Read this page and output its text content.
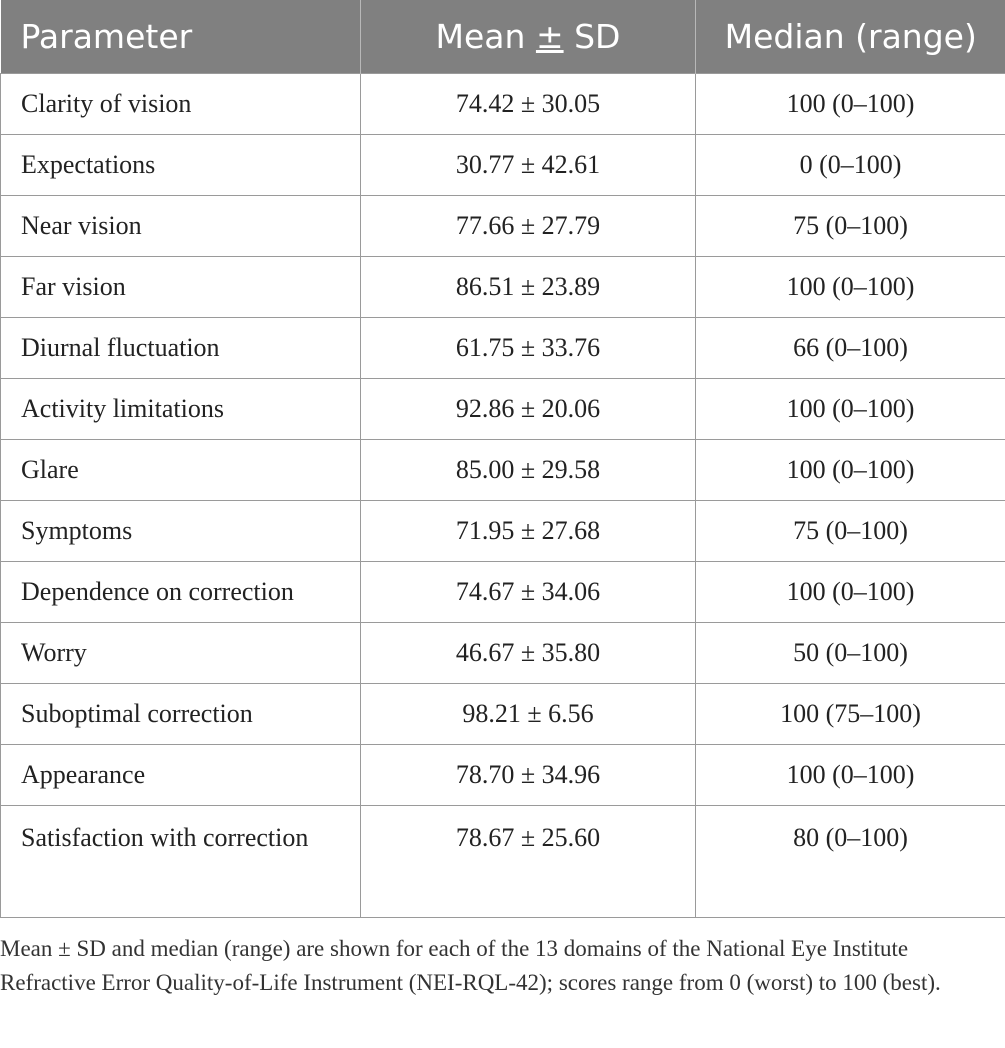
Parameter	Mean ± SD	Median (range)
Clarity of vision	74.42 ± 30.05	100 (0–100)
Expectations	30.77 ± 42.61	0 (0–100)
Near vision	77.66 ± 27.79	75 (0–100)
Far vision	86.51 ± 23.89	100 (0–100)
Diurnal fluctuation	61.75 ± 33.76	66 (0–100)
Activity limitations	92.86 ± 20.06	100 (0–100)
Glare	85.00 ± 29.58	100 (0–100)
Symptoms	71.95 ± 27.68	75 (0–100)
Dependence on correction	74.67 ± 34.06	100 (0–100)
Worry	46.67 ± 35.80	50 (0–100)
Suboptimal correction	98.21 ± 6.56	100 (75–100)
Appearance	78.70 ± 34.96	100 (0–100)
Satisfaction with correction	78.67 ± 25.60	80 (0–100)

Mean ± SD and median (range) are shown for each of the 13 domains of the National Eye Institute Refractive Error Quality-of-Life Instrument (NEI-RQL-42); scores range from 0 (worst) to 100 (best).
